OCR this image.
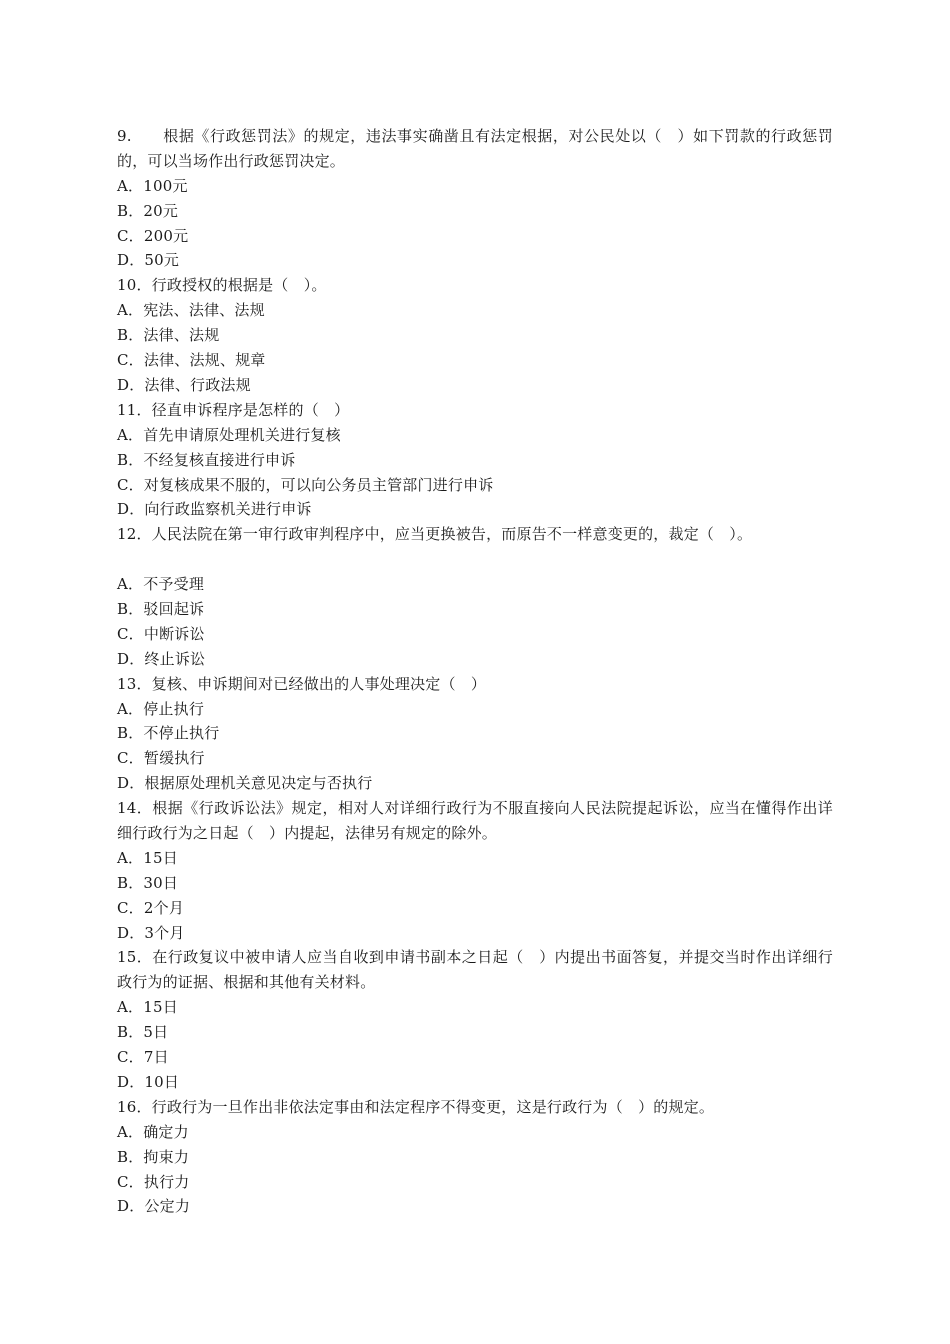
9.　　根据《行政惩罚法》的规定，违法事实确凿且有法定根据，对公民处以（　）如下罚款的行政惩罚的，可以当场作出行政惩罚决定。
A．100元
B．20元
C．200元
D．50元
10．行政授权的根据是（　）。
A．宪法、法律、法规
B．法律、法规
C．法律、法规、规章
D．法律、行政法规
11．径直申诉程序是怎样的（　）
A．首先申请原处理机关进行复核
B．不经复核直接进行申诉
C．对复核成果不服的，可以向公务员主管部门进行申诉
D．向行政监察机关进行申诉
12．人民法院在第一审行政审判程序中，应当更换被告，而原告不一样意变更的，裁定（　）。
A．不予受理
B．驳回起诉
C．中断诉讼
D．终止诉讼
13．复核、申诉期间对已经做出的人事处理决定（　）
A．停止执行
B．不停止执行
C．暂缓执行
D．根据原处理机关意见决定与否执行
14．根据《行政诉讼法》规定，相对人对详细行政行为不服直接向人民法院提起诉讼，应当在懂得作出详细行政行为之日起（　）内提起，法律另有规定的除外。
A．15日
B．30日
C．2个月
D．3个月
15．在行政复议中被申请人应当自收到申请书副本之日起（　）内提出书面答复，并提交当时作出详细行政行为的证据、根据和其他有关材料。
A．15日
B．5日
C．7日
D．10日
16．行政行为一旦作出非依法定事由和法定程序不得变更，这是行政行为（　）的规定。
A．确定力
B．拘束力
C．执行力
D．公定力
